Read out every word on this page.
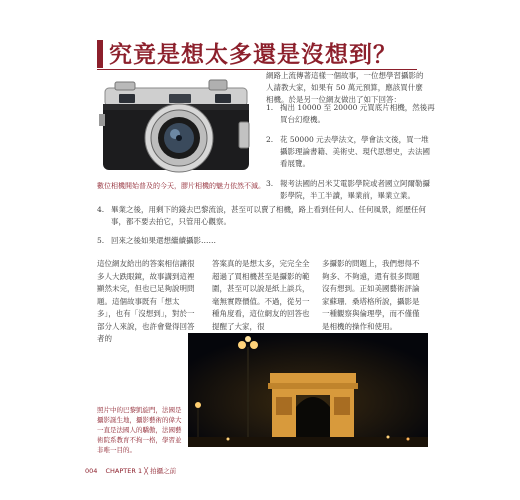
究竟是想太多還是沒想到？
數位相機開始普及的今天，膠片相機的魅力依然不減。
網路上流傳著這樣一個故事，一位想學習攝影的人請教大家，如果有 50 萬元預算，應該買什麼相機。於是另一位網友做出了如下回答：
1. 掏出 10000 至 20000 元買底片相機，然後再買台幻燈機。
2. 花 50000 元去學法文，學會法文後，買一堆攝影理論書籍、美術史、現代思想史，去法國看展覽。
3. 報考法國的呂米艾電影學院或者國立阿爾勒攝影學院，半工半讀，畢業前，畢業立業。
4. 畢業之後，用剩下的錢去巴黎流浪，甚至可以賣了相機，路上看到任何人、任何風景，經歷任何事，都不要去拍它，只管用心觀察。
5. 回來之後如果還想繼續攝影……

這位網友給出的答案相信讓很多人大跌眼鏡，故事講到這裡顯然未完，但也已足夠說明問題。這個故事既有「想太多」，也有「沒想到」，對於一部分人來說，也許會覺得回答者的

答案真的是想太多，完完全全超過了買相機甚至是攝影的範圍，甚至可以說是紙上談兵，毫無實際價值。不過，從另一種角度看，這位網友的回答也提醒了大家，很

多攝影的問題上，我們想得不夠多、不夠遠，還有很多問題沒有想到。正如美國藝術評論家蘇珊．桑塔格所說，攝影是一種觀察與倫理學，而不僅僅是相機的操作和使用。

照片中的巴黎凱旋門，法國是攝影誕生地，攝影藝術的偉大一直是法國人的驕傲，法國藝術院系教育不拘一格，學習並非唯一目的。
004 CHAPTER 1 ╳ 拍攝之前
